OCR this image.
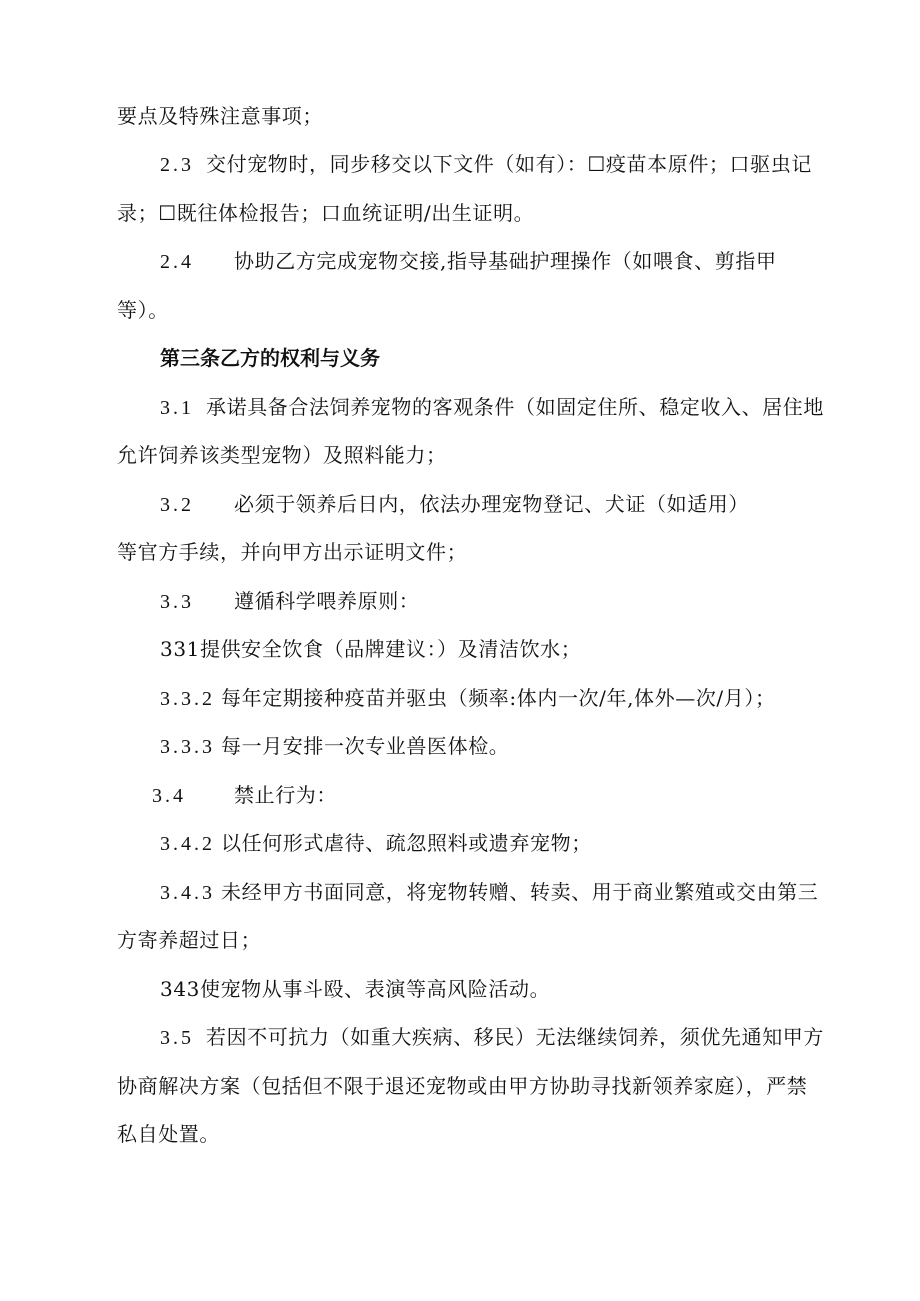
要点及特殊注意事项；
2.3 交付宠物时，同步移交以下文件（如有）：☐疫苗本原件；口驱虫记
录；☐既往体检报告；口血统证明/出生证明。
2.4 协助乙方完成宠物交接,指导基础护理操作（如喂食、剪指甲
等）。
第三条乙方的权利与义务
3.1 承诺具备合法饲养宠物的客观条件（如固定住所、稳定收入、居住地
允许饲养该类型宠物）及照料能力；
3.2 必须于领养后日内，依法办理宠物登记、犬证（如适用）
等官方手续，并向甲方出示证明文件；
3.3 遵循科学喂养原则：
331提供安全饮食（品牌建议：）及清洁饮水；
3.3.2 每年定期接种疫苗并驱虫（频率:体内一次/年,体外—次/月）；
3.3.3 每一月安排一次专业兽医体检。
3.4 禁止行为：
3.4.2 以任何形式虐待、疏忽照料或遗弃宠物；
3.4.3 未经甲方书面同意，将宠物转赠、转卖、用于商业繁殖或交由第三
方寄养超过日；
343使宠物从事斗殴、表演等高风险活动。
3.5 若因不可抗力（如重大疾病、移民）无法继续饲养，须优先通知甲方
协商解决方案（包括但不限于退还宠物或由甲方协助寻找新领养家庭），严禁
私自处置。
